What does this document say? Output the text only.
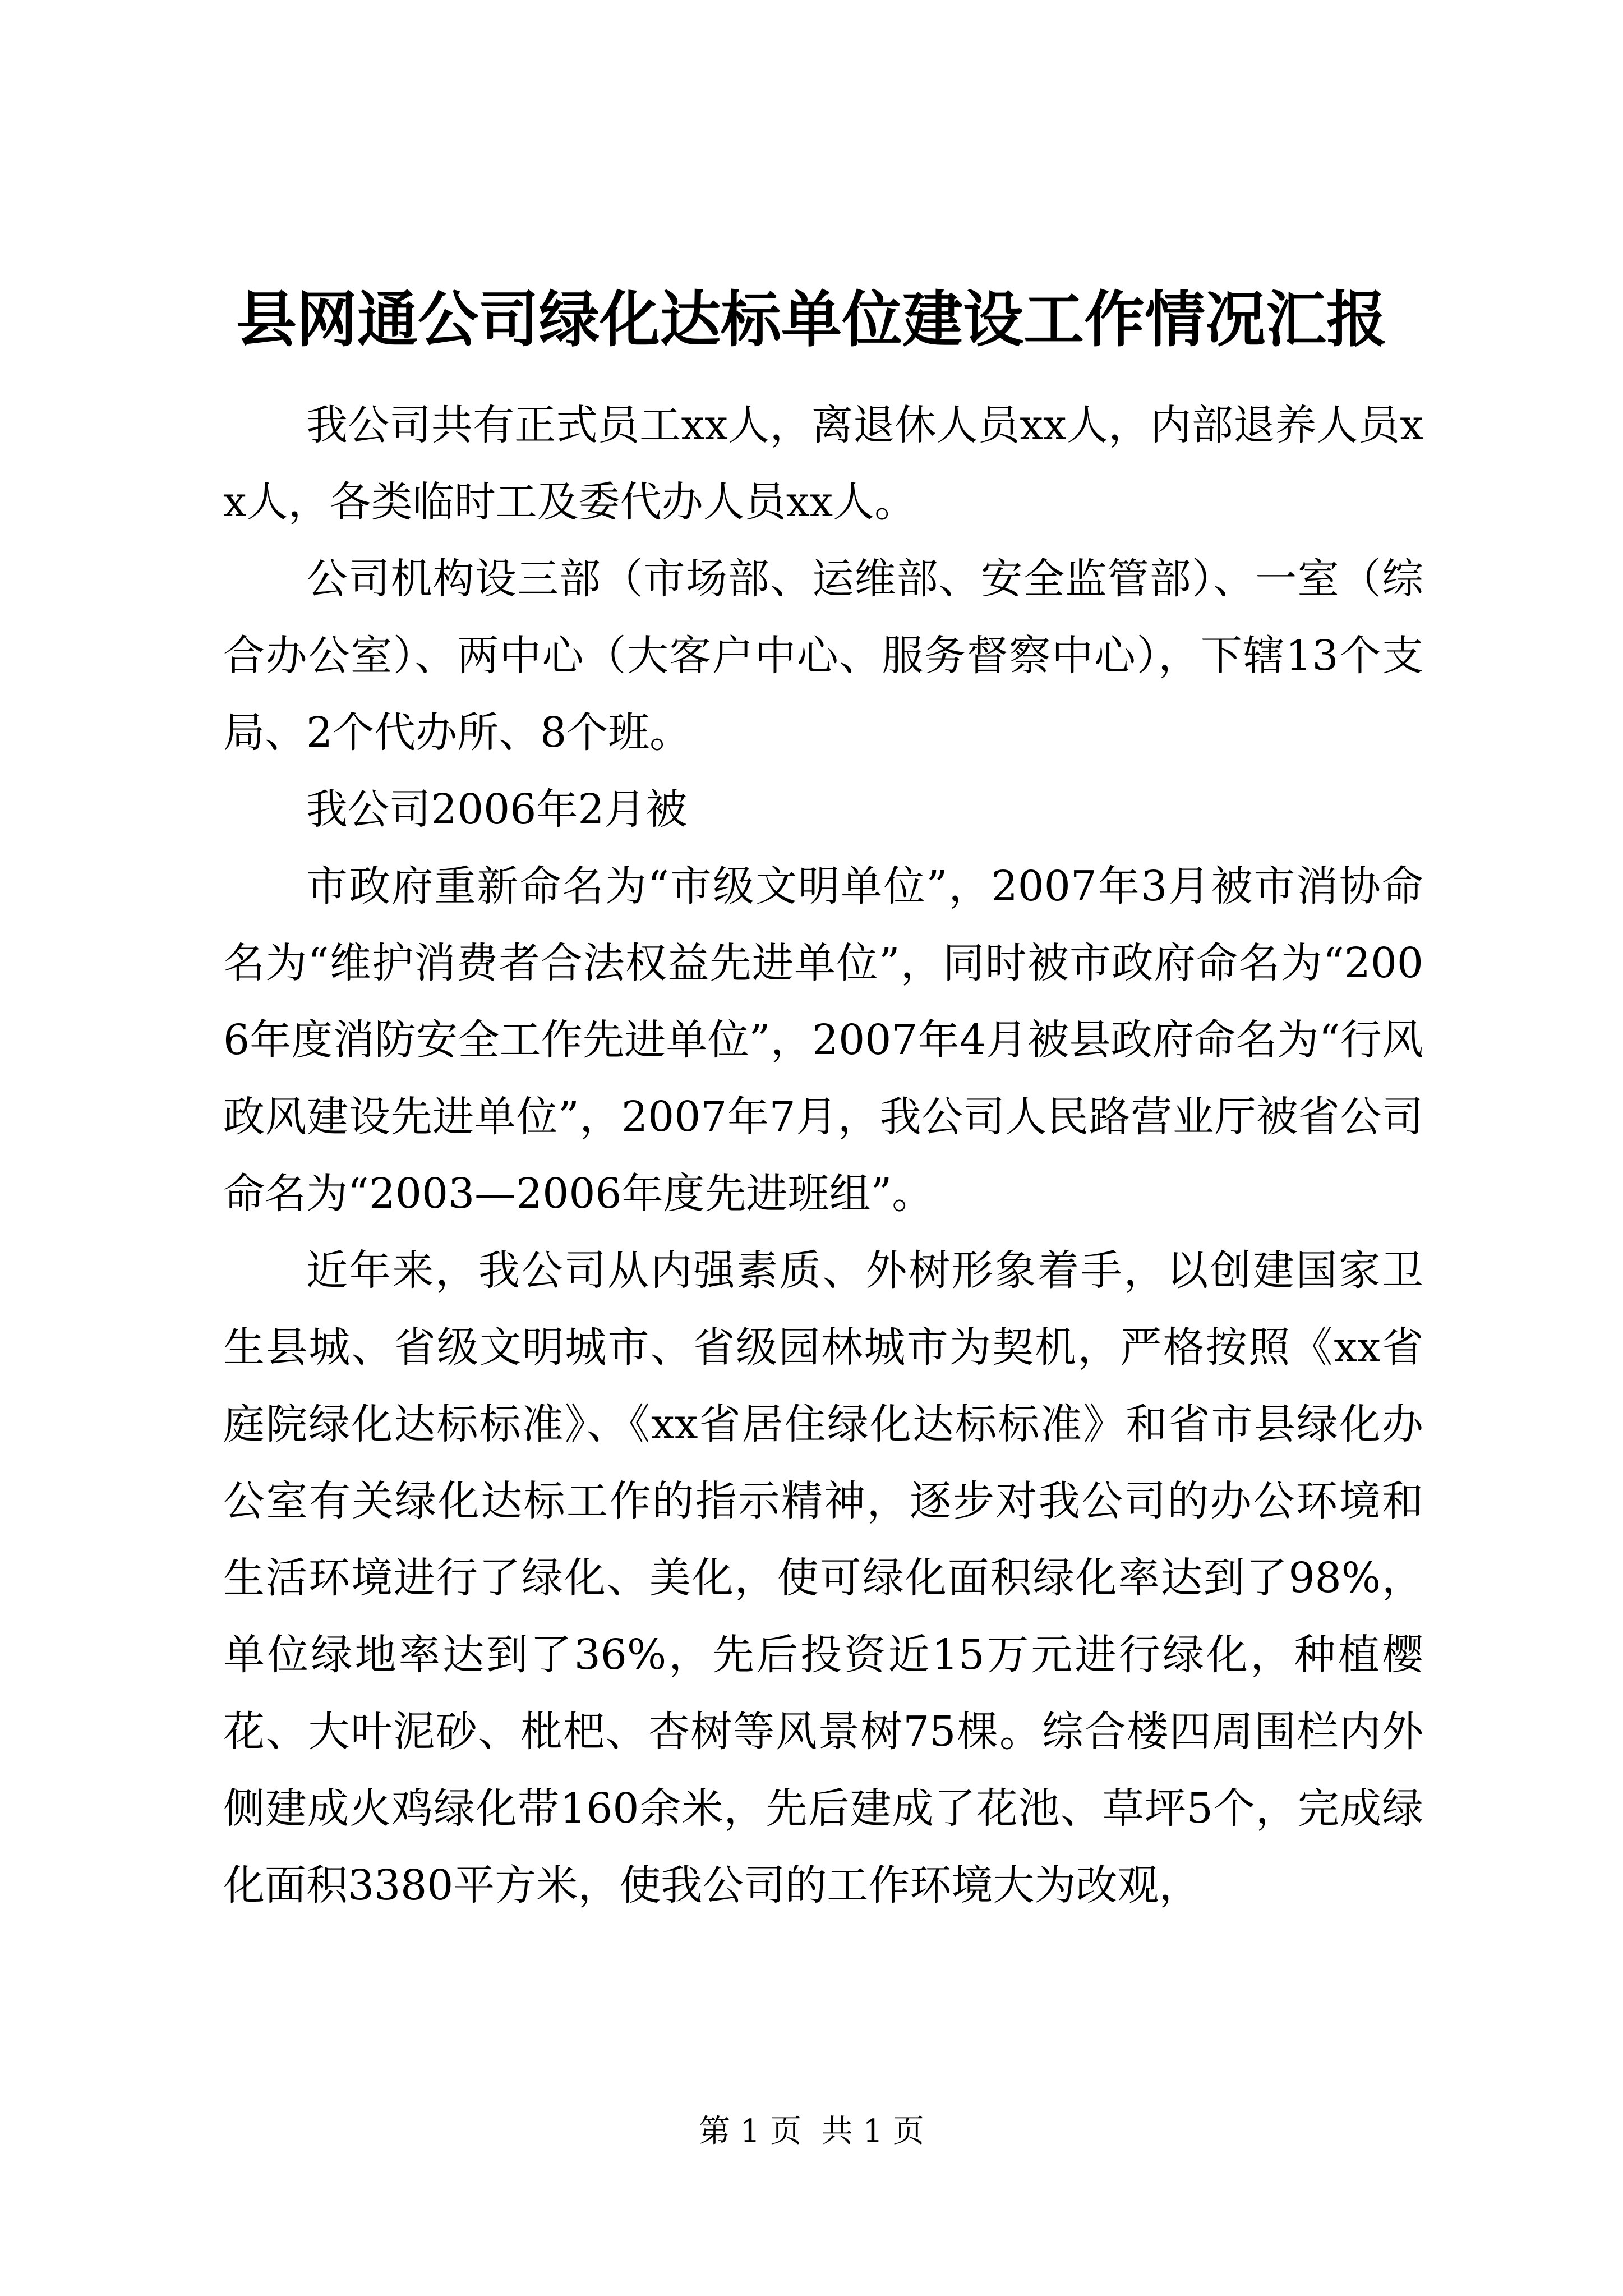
县网通公司绿化达标单位建设工作情况汇报

我公司共有正式员工xx人，离退休人员xx人，内部退养人员xx人，各类临时工及委代办人员xx人。

公司机构设三部（市场部、运维部、安全监管部）、一室（综合办公室）、两中心（大客户中心、服务督察中心），下辖13个支局、2个代办所、8个班。

我公司2006年2月被

市政府重新命名为“市级文明单位”，2007年3月被市消协命名为“维护消费者合法权益先进单位”，同时被市政府命名为“2006年度消防安全工作先进单位”，2007年4月被县政府命名为“行风政风建设先进单位”，2007年7月，我公司人民路营业厅被省公司命名为“2003—2006年度先进班组”。

近年来，我公司从内强素质、外树形象着手，以创建国家卫生县城、省级文明城市、省级园林城市为契机，严格按照《xx省庭院绿化达标标准》、《xx省居住绿化达标标准》和省市县绿化办公室有关绿化达标工作的指示精神，逐步对我公司的办公环境和生活环境进行了绿化、美化，使可绿化面积绿化率达到了98%，单位绿地率达到了36%，先后投资近15万元进行绿化，种植樱花、大叶泥砂、枇杷、杏树等风景树75棵。综合楼四周围栏内外侧建成火鸡绿化带160余米，先后建成了花池、草坪5个，完成绿化面积3380平方米，使我公司的工作环境大为改观，

第 1 页  共 1 页
